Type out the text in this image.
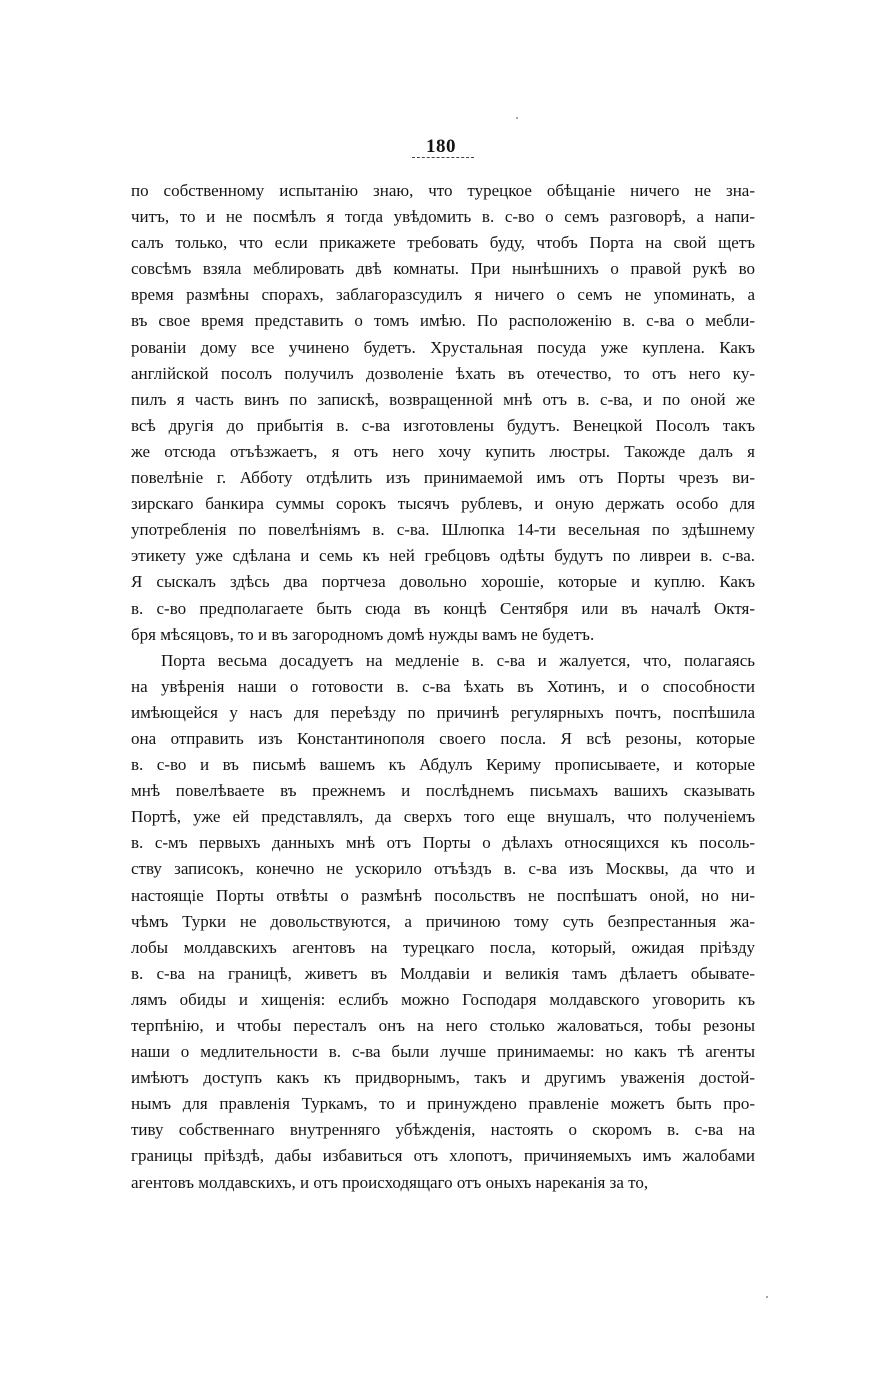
180
по собственному испытанію знаю, что турецкое обѣщаніе ничего не зна-
читъ, то и не посмѣлъ я тогда увѣдомить в. с-во о семъ разговорѣ, а напи-
салъ только, что если прикажете требовать буду, чтобъ Порта на свой щетъ
совсѣмъ взяла меблировать двѣ комнаты. При нынѣшнихъ о правой рукѣ во
время размѣны спорахъ, заблагоразсудилъ я ничего о семъ не упоминать, а
въ свое время представить о томъ имѣю. По расположенію в. с-ва о мебли-
рованіи дому все учинено будетъ. Хрустальная посуда уже куплена. Какъ
англійской посолъ получилъ дозволеніе ѣхать въ отечество, то отъ него ку-
пилъ я часть винъ по запискѣ, возвращенной мнѣ отъ в. с-ва, и по оной же
всѣ другія до прибытія в. с-ва изготовлены будутъ. Венецкой Посолъ такъ
же отсюда отъѣзжаетъ, я отъ него хочу купить люстры. Такожде далъ я
повелѣніе г. Абботу отдѣлить изъ принимаемой имъ отъ Порты чрезъ ви-
зирскаго банкира суммы сорокъ тысячъ рублевъ, и оную держать особо для
употребленія по повелѣніямъ в. с-ва. Шлюпка 14-ти весельная по здѣшнему
этикету уже сдѣлана и семь къ ней гребцовъ одѣты будутъ по ливреи в. с-ва.
Я сыскалъ здѣсь два портчеза довольно хорошіе, которые и куплю. Какъ
в. с-во предполагаете быть сюда въ концѣ Сентября или въ началѣ Октя-
бря мѣсяцовъ, то и въ загородномъ домѣ нужды вамъ не будетъ.
Порта весьма досадуетъ на медленіе в. с-ва и жалуется, что, полагаясь
на увѣренія наши о готовости в. с-ва ѣхать въ Хотинъ, и о способности
имѣющейся у насъ для переѣзду по причинѣ регулярныхъ почтъ, поспѣшила
она отправить изъ Константинополя своего посла. Я всѣ резоны, которые
в. с-во и въ письмѣ вашемъ къ Абдулъ Кериму прописываете, и которые
мнѣ повелѣваете въ прежнемъ и послѣднемъ письмахъ вашихъ сказывать
Портѣ, уже ей представлялъ, да сверхъ того еще внушалъ, что полученіемъ
в. с-мъ первыхъ данныхъ мнѣ отъ Порты о дѣлахъ относящихся къ посоль-
ству записокъ, конечно не ускорило отъѣздъ в. с-ва изъ Москвы, да что и
настоящіе Порты отвѣты о размѣнѣ посольствъ не поспѣшатъ оной, но ни-
чѣмъ Турки не довольствуются, а причиною тому суть безпрестанныя жа-
лобы молдавскихъ агентовъ на турецкаго посла, который, ожидая пріѣзду
в. с-ва на границѣ, живетъ въ Молдавіи и великія тамъ дѣлаетъ обывате-
лямъ обиды и хищенія: еслибъ можно Господаря молдавского уговорить къ
терпѣнію, и чтобы пересталъ онъ на него столько жаловаться, тобы резоны
наши о медлительности в. с-ва были лучше принимаемы: но какъ тѣ агенты
имѣютъ доступъ какъ къ придворнымъ, такъ и другимъ уваженія достой-
нымъ для правленія Туркамъ, то и принуждено правленіе можетъ быть про-
тиву собственнаго внутренняго убѣжденія, настоять о скоромъ в. с-ва на
границы пріѣздѣ, дабы избавиться отъ хлопотъ, причиняемыхъ имъ жалобами
агентовъ молдавскихъ, и отъ происходящаго отъ оныхъ нареканія за то,
